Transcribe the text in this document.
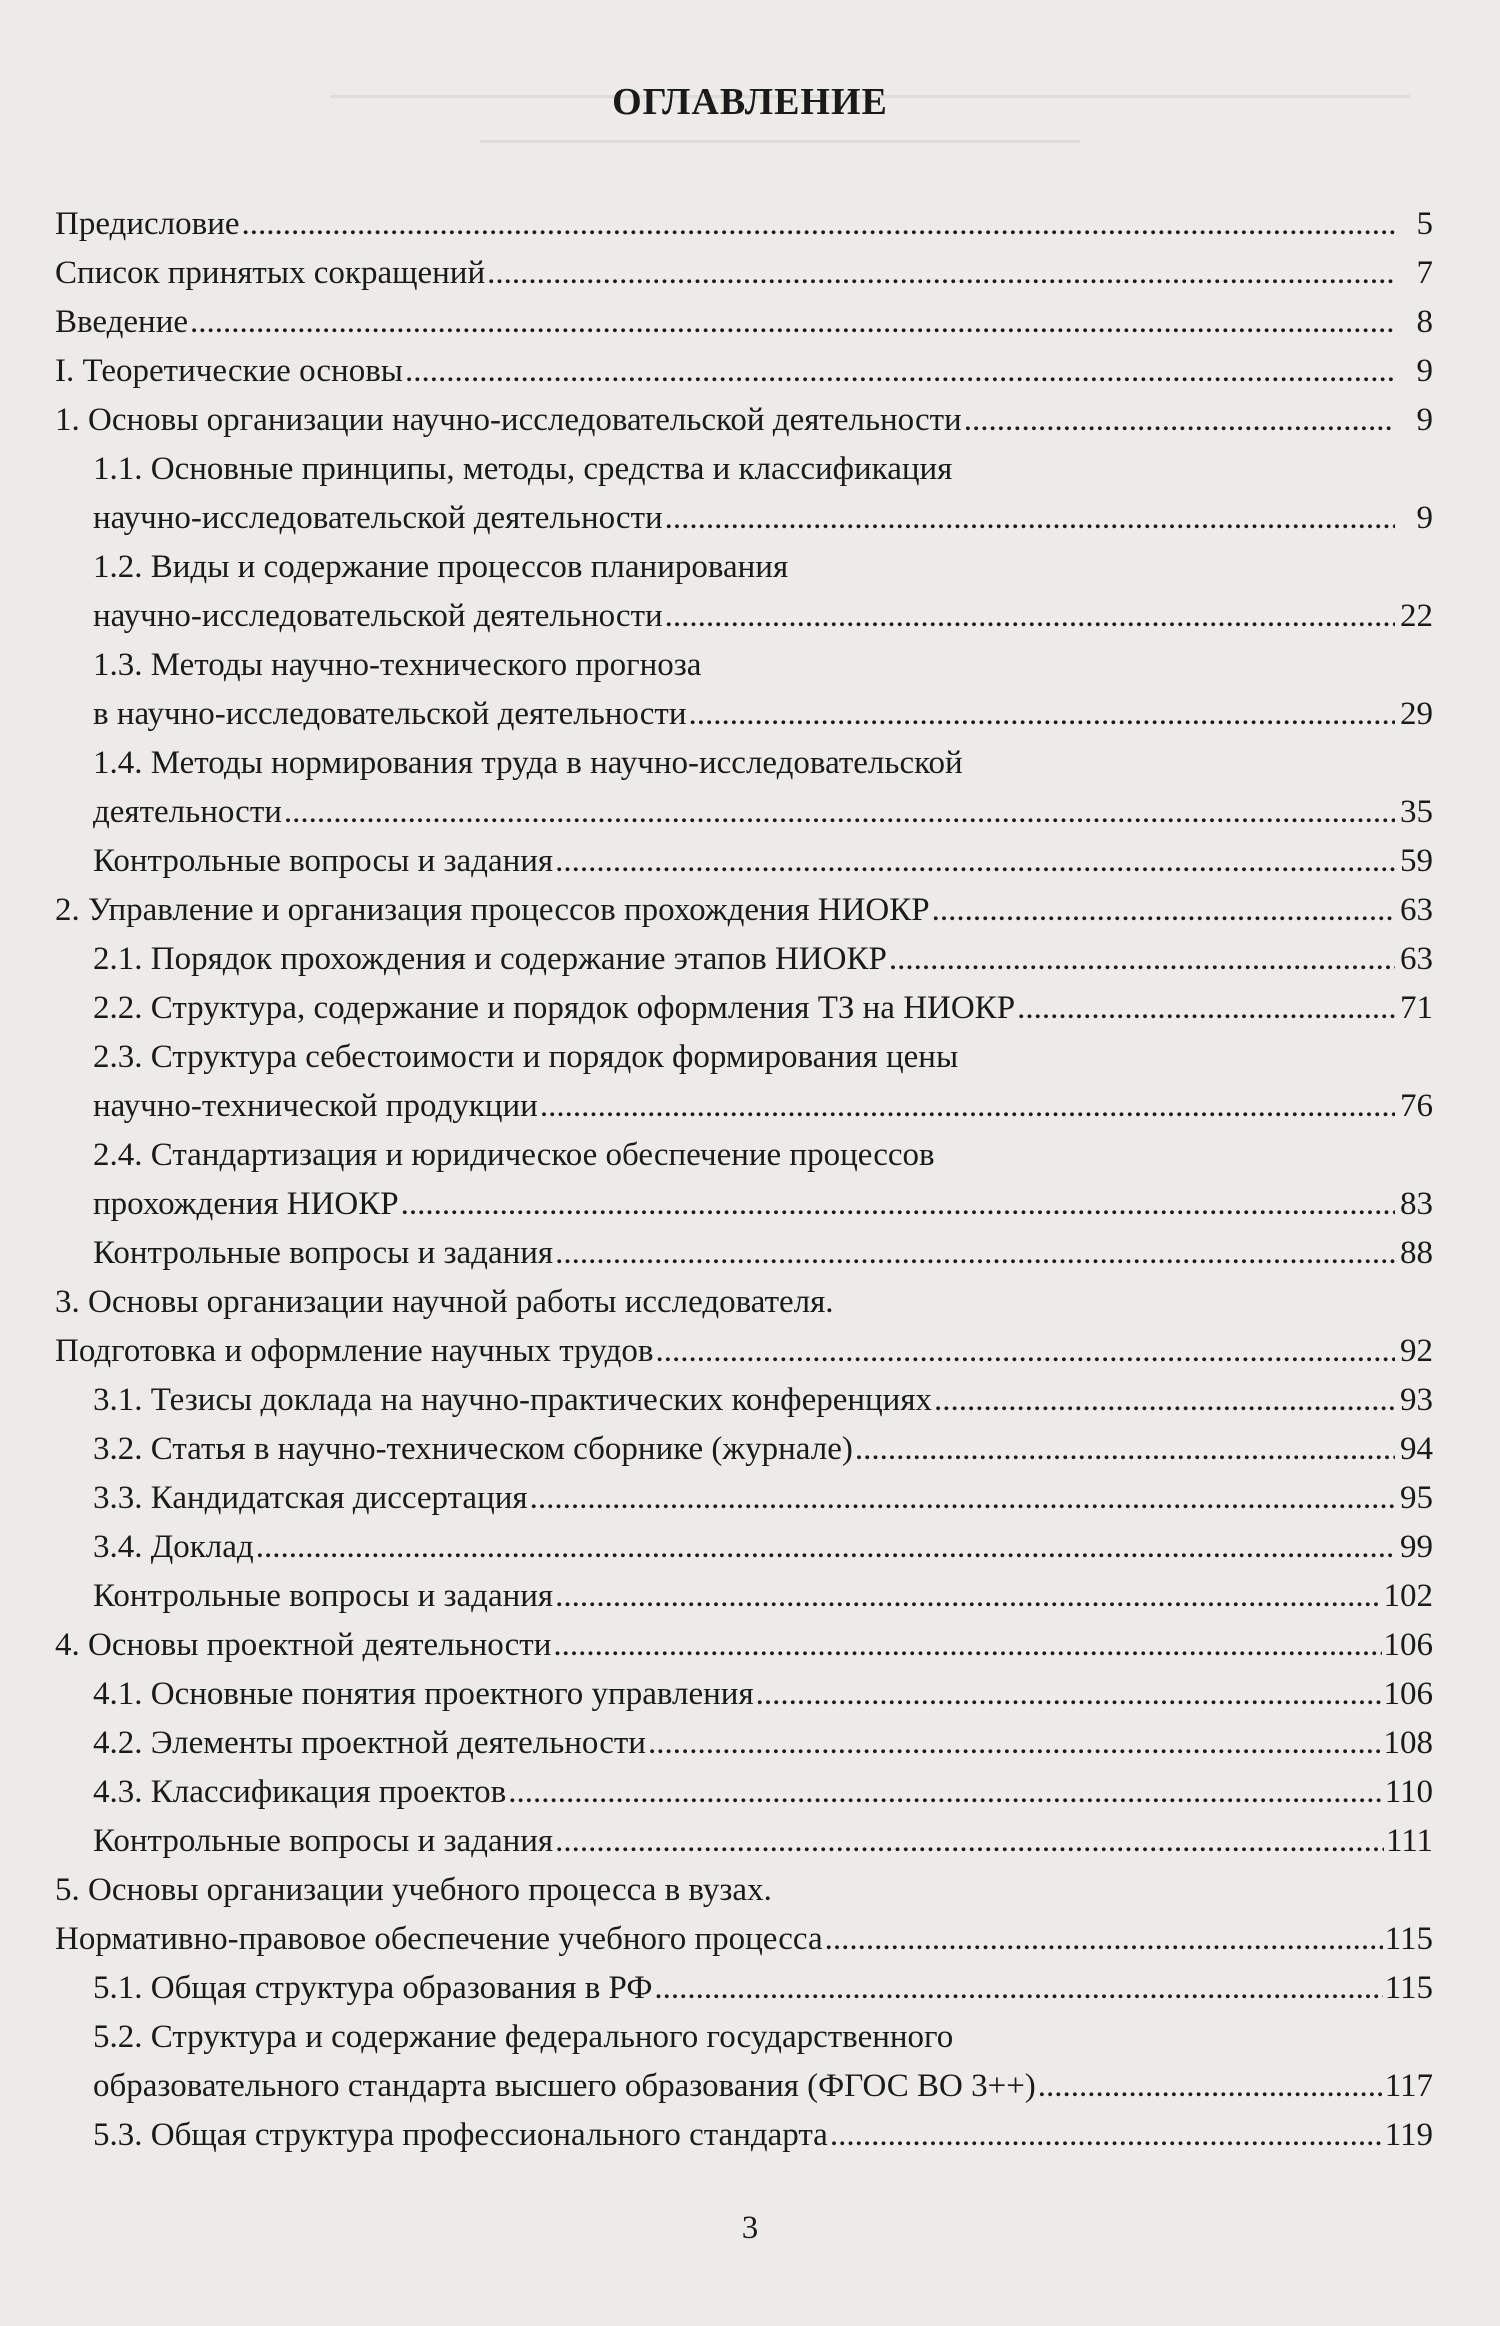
ОГЛАВЛЕНИЕ
Предисловие .....	5
Список принятых сокращений .....	7
Введение .....	8
I. Теоретические основы .....	9
1. Основы организации научно-исследовательской деятельности .....	9
1.1. Основные принципы, методы, средства и классификация
научно-исследовательской деятельности .....	9
1.2. Виды и содержание процессов планирования
научно-исследовательской деятельности .....	22
1.3. Методы научно-технического прогноза
в научно-исследовательской деятельности .....	29
1.4. Методы нормирования труда в научно-исследовательской
деятельности .....	35
Контрольные вопросы и задания .....	59
2. Управление и организация процессов прохождения НИОКР .....	63
2.1. Порядок прохождения и содержание этапов НИОКР .....	63
2.2. Структура, содержание и порядок оформления ТЗ на НИОКР .....	71
2.3. Структура себестоимости и порядок формирования цены
научно-технической продукции .....	76
2.4. Стандартизация и юридическое обеспечение процессов
прохождения НИОКР .....	83
Контрольные вопросы и задания .....	88
3. Основы организации научной работы исследователя.
Подготовка и оформление научных трудов .....	92
3.1. Тезисы доклада на научно-практических конференциях .....	93
3.2. Статья в научно-техническом сборнике (журнале) .....	94
3.3. Кандидатская диссертация .....	95
3.4. Доклад .....	99
Контрольные вопросы и задания .....	102
4. Основы проектной деятельности .....	106
4.1. Основные понятия проектного управления .....	106
4.2. Элементы проектной деятельности .....	108
4.3. Классификация проектов .....	110
Контрольные вопросы и задания .....	111
5. Основы организации учебного процесса в вузах.
Нормативно-правовое обеспечение учебного процесса .....	115
5.1. Общая структура образования в РФ .....	115
5.2. Структура и содержание федерального государственного
образовательного стандарта высшего образования (ФГОС ВО 3++) .....	117
5.3. Общая структура профессионального стандарта .....	119
3
